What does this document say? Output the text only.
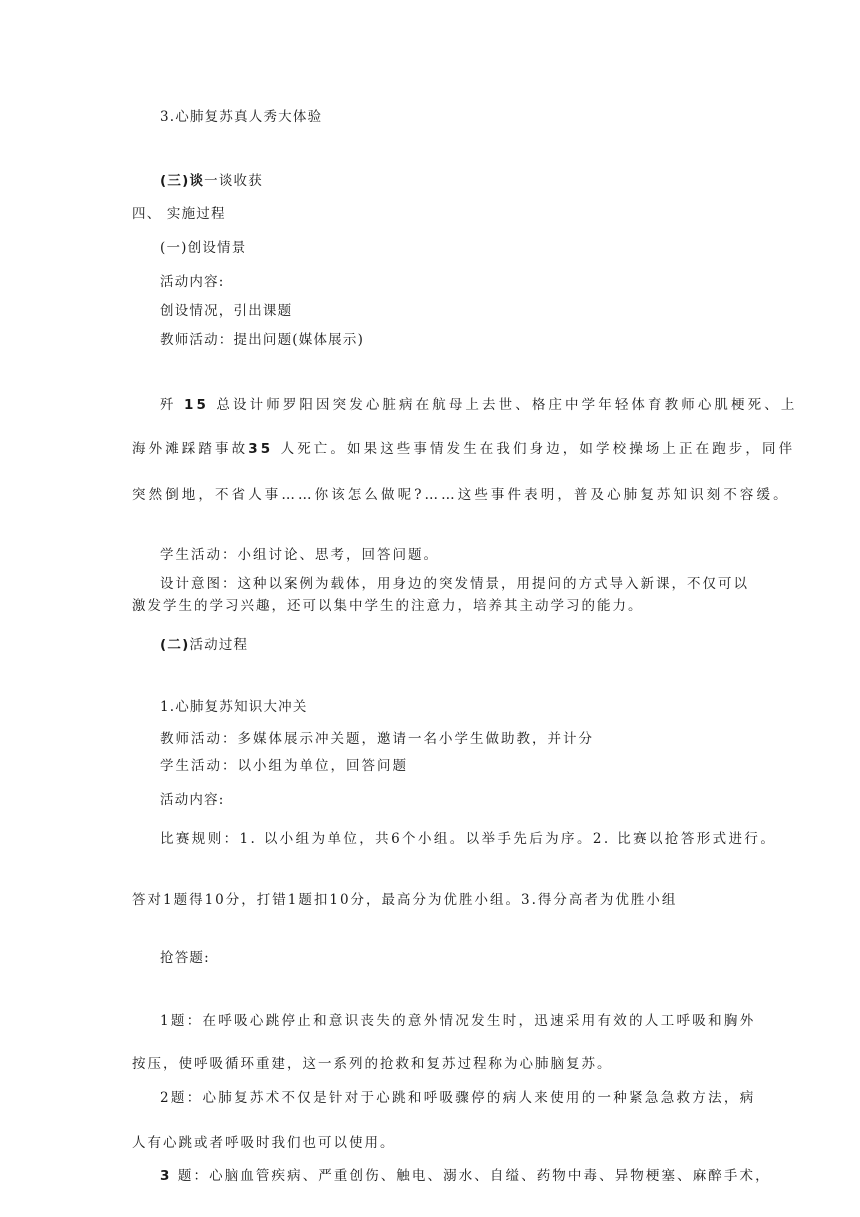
3.心肺复苏真人秀大体验
(三)谈一谈收获
四、 实施过程
(一)创设情景
活动内容:
创设情况，引出课题
教师活动：提出问题(媒体展示)
歼 15 总设计师罗阳因突发心脏病在航母上去世、格庄中学年轻体育教师心肌梗死、上
海外滩踩踏事故35 人死亡。如果这些事情发生在我们身边，如学校操场上正在跑步，同伴
突然倒地，不省人事……你该怎么做呢?……这些事件表明，普及心肺复苏知识刻不容缓。
学生活动：小组讨论、思考，回答问题。
设计意图：这种以案例为载体，用身边的突发情景，用提问的方式导入新课，不仅可以
激发学生的学习兴趣，还可以集中学生的注意力，培养其主动学习的能力。
(二)活动过程
1.心肺复苏知识大冲关
教师活动：多媒体展示冲关题，邀请一名小学生做助教，并计分
学生活动：以小组为单位，回答问题
活动内容:
比赛规则：1. 以小组为单位，共6个小组。以举手先后为序。2. 比赛以抢答形式进行。
答对1题得10分，打错1题扣10分，最高分为优胜小组。3.得分高者为优胜小组
抢答题:
1题：在呼吸心跳停止和意识丧失的意外情况发生时，迅速采用有效的人工呼吸和胸外
按压，使呼吸循环重建，这一系列的抢救和复苏过程称为心肺脑复苏。
2题：心肺复苏术不仅是针对于心跳和呼吸骤停的病人来使用的一种紧急急救方法，病
人有心跳或者呼吸时我们也可以使用。
3 题：心脑血管疾病、严重创伤、触电、溺水、自缢、药物中毒、异物梗塞、麻醉手术，
